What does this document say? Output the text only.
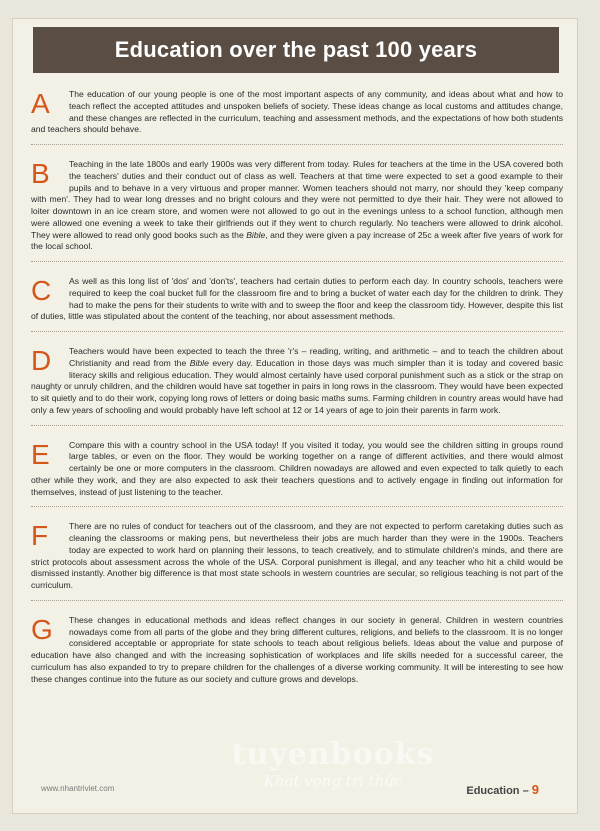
Education over the past 100 years
A	The education of our young people is one of the most important aspects of any community, and ideas about what and how to teach reflect the accepted attitudes and unspoken beliefs of society. These ideas change as local customs and attitudes change, and these changes are reflected in the curriculum, teaching and assessment methods, and the expectations of how both students and teachers should behave.
B	Teaching in the late 1800s and early 1900s was very different from today. Rules for teachers at the time in the USA covered both the teachers' duties and their conduct out of class as well. Teachers at that time were expected to set a good example to their pupils and to behave in a very virtuous and proper manner. Women teachers should not marry, nor should they 'keep company with men'. They had to wear long dresses and no bright colours and they were not permitted to dye their hair. They were not allowed to loiter downtown in an ice cream store, and women were not allowed to go out in the evenings unless to a school function, although men were allowed one evening a week to take their girlfriends out if they went to church regularly. No teachers were allowed to drink alcohol. They were allowed to read only good books such as the Bible, and they were given a pay increase of 25c a week after five years of work for the local school.
C	As well as this long list of 'dos' and 'don'ts', teachers had certain duties to perform each day. In country schools, teachers were required to keep the coal bucket full for the classroom fire and to bring a bucket of water each day for the children to drink. They had to make the pens for their students to write with and to sweep the floor and keep the classroom tidy. However, despite this list of duties, little was stipulated about the content of the teaching, nor about assessment methods.
D	Teachers would have been expected to teach the three 'r's – reading, writing, and arithmetic – and to teach the children about Christianity and read from the Bible every day. Education in those days was much simpler than it is today and covered basic literacy skills and religious education. They would almost certainly have used corporal punishment such as a stick or the strap on naughty or unruly children, and the children would have sat together in pairs in long rows in the classroom. They would have been expected to sit quietly and to do their work, copying long rows of letters or doing basic maths sums. Farming children in country areas would have had only a few years of schooling and would probably have left school at 12 or 14 years of age to join their parents in farm work.
E	Compare this with a country school in the USA today! If you visited it today, you would see the children sitting in groups round large tables, or even on the floor. They would be working together on a range of different activities, and there would almost certainly be one or more computers in the classroom. Children nowadays are allowed and even expected to talk quietly to each other while they work, and they are also expected to ask their teachers questions and to actively engage in finding out information for themselves, instead of just listening to the teacher.
F	There are no rules of conduct for teachers out of the classroom, and they are not expected to perform caretaking duties such as cleaning the classrooms or making pens, but nevertheless their jobs are much harder than they were in the 1900s. Teachers today are expected to work hard on planning their lessons, to teach creatively, and to stimulate children's minds, and there are strict protocols about assessment across the whole of the USA. Corporal punishment is illegal, and any teacher who hit a child would be dismissed instantly. Another big difference is that most state schools in western countries are secular, so religious teaching is not part of the curriculum.
G	These changes in educational methods and ideas reflect changes in our society in general. Children in western countries nowadays come from all parts of the globe and they bring different cultures, religions, and beliefs to the classroom. It is no longer considered acceptable or appropriate for state schools to teach about religious beliefs. Ideas about the value and purpose of education have also changed and with the increasing sophistication of workplaces and life skills needed for a successful career, the curriculum has also expanded to try to prepare children for the challenges of a diverse working community. It will be interesting to see how these changes continue into the future as our society and culture grows and develops.
tuyenbooks
Khát vọng tri thức
www.nhantriviet.com	Education – 9
